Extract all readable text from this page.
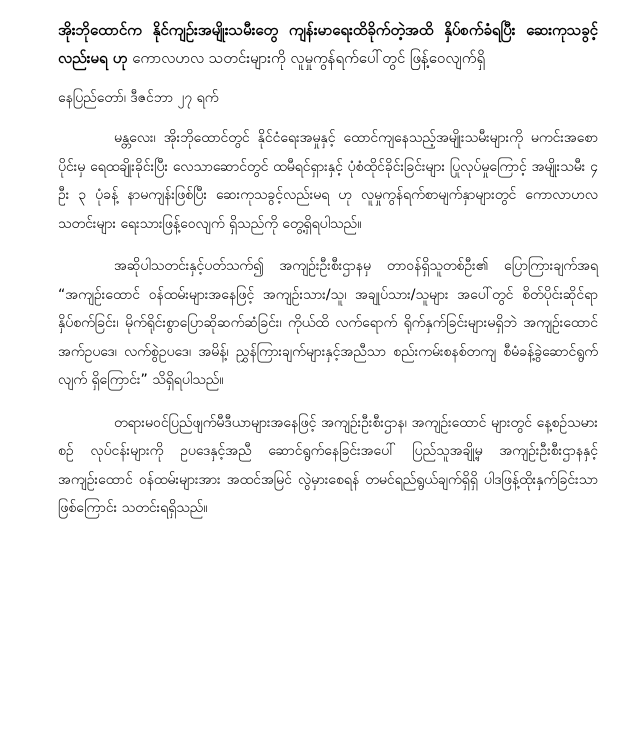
အိုးဘိုထောင်က နိုင်ကျဉ်းအမျိုးသမီးတွေ ကျန်းမာရေးထိခိုက်တဲ့အထိ နှိပ်စက်ခံရပြီး ဆေးကုသခွင့်လည်းမရ ဟု ကောလဟလ သတင်းများကို လူမှုကွန်ရက်ပေါ်တွင် ဖြန့်ဝေလျက်ရှိ

နေပြည်တော်၊ ဒီဇင်ဘာ ၂၇ ရက်

မန္တလေး၊ အိုးဘိုထောင်တွင် နိုင်ငံရေးအမှုနှင့် ထောင်ကျနေသည့်အမျိုးသမီးများကို မကင်းအစောပိုင်းမှ ရေထချိုးခိုင်းပြီး လေသာဆောင်တွင် ထမီရင်ရှားနှင့် ပုံစံထိုင်ခိုင်းခြင်းများ ပြုလုပ်မှုကြောင့် အမျိုးသမီး ၄ ဦး ၃ ပုံခန့် နာမကျန်းဖြစ်ပြီး ဆေးကုသခွင့်လည်းမရ ဟု လူမှုကွန်ရက်စာမျက်နှာများတွင် ကောလာဟလသတင်းများ ရေးသားဖြန့်ဝေလျက် ရှိသည်ကို တွေ့ရှိရပါသည်။

အဆိုပါသတင်းနှင့်ပတ်သက်၍ အကျဉ်းဦးစီးဌာနမှ တာဝန်ရှိသူတစ်ဦး၏ ပြောကြားချက်အရ “အကျဉ်းထောင် ဝန်ထမ်းများအနေဖြင့် အကျဉ်းသား/သူ၊ အချုပ်သား/သူများ အပေါ်တွင် စိတ်ပိုင်းဆိုင်ရာနှိပ်စက်ခြင်း၊ မိုက်ရိုင်းစွာပြောဆိုဆက်ဆံခြင်း၊ ကိုယ်ထိ လက်ရောက် ရိုက်နှက်ခြင်းများမရှိဘဲ အကျဉ်းထောင် အက်ဥပဒေ၊ လက်စွဲဥပဒေ၊ အမိန့်၊ ညွှန်ကြားချက်များနှင့်အညီသာ စည်းကမ်းစနစ်တကျ စီမံခန့်ခွဲဆောင်ရွက်လျက် ရှိကြောင်း” သိရှိရပါသည်။

တရားမဝင်ပြည်ဖျက်မီဒီယာများအနေဖြင့် အကျဉ်းဦးစီးဌာန၊ အကျဉ်းထောင် များတွင် နေ့စဉ်သမားစဉ် လုပ်ငန်းများကို ဥပဒေနှင့်အညီ ဆောင်ရွက်နေခြင်းအပေါ် ပြည်သူအချို့မှ အကျဉ်းဦးစီးဌာနနှင့် အကျဉ်းထောင် ဝန်ထမ်းများအား အထင်အမြင် လွဲမှားစေရန် တမင်ရည်ရွယ်ချက်ရှိရှိ ပါဒဖြန့်ထိုးနှက်ခြင်းသာဖြစ်ကြောင်း သတင်းရရှိသည်။
